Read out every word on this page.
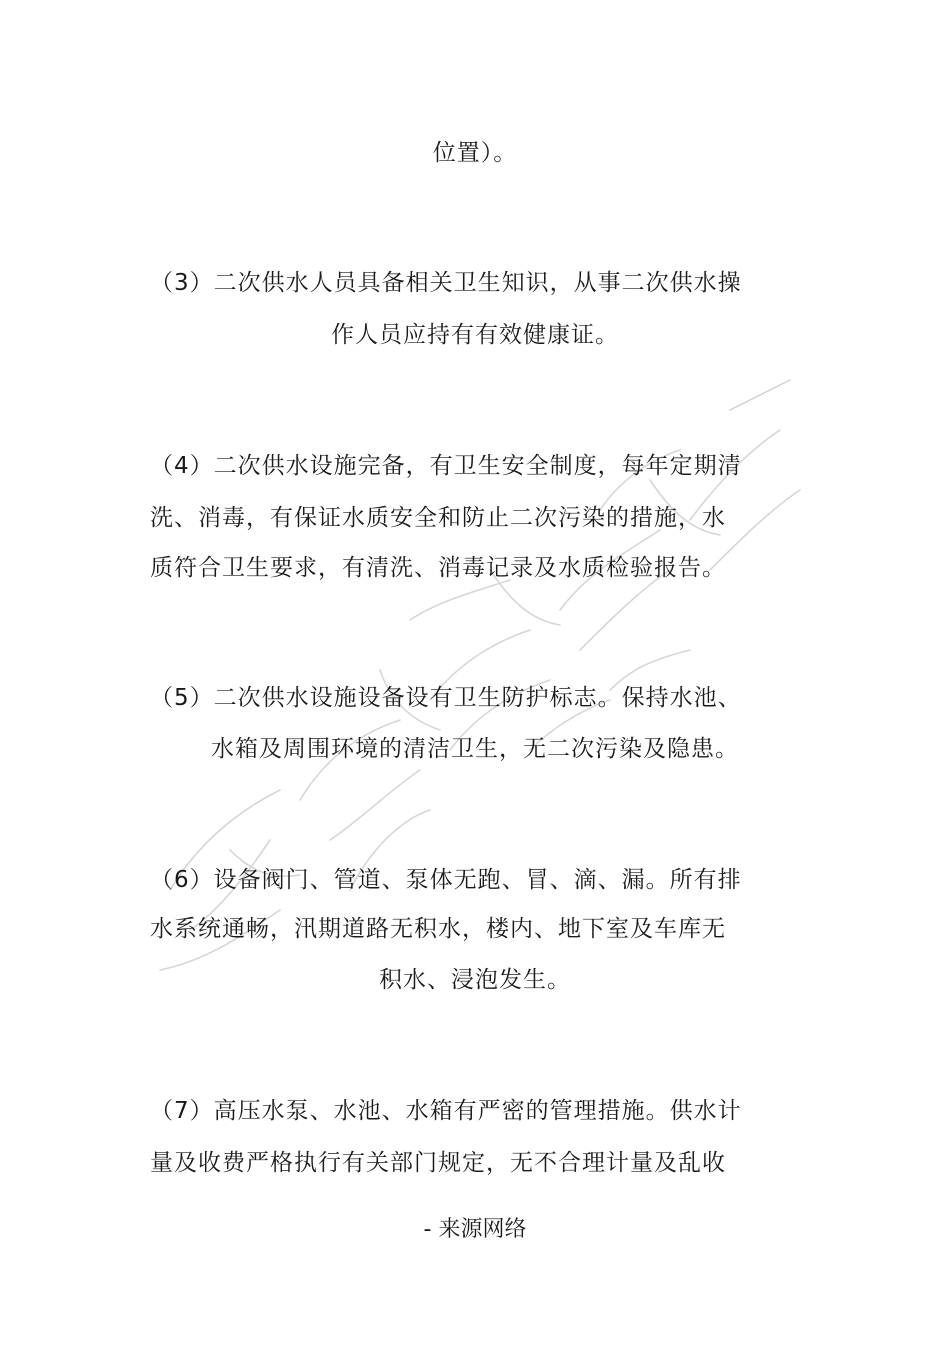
位置）。
（3）二次供水人员具备相关卫生知识，从事二次供水操
作人员应持有有效健康证。
（4）二次供水设施完备，有卫生安全制度，每年定期清
洗、消毒，有保证水质安全和防止二次污染的措施，水
质符合卫生要求，有清洗、消毒记录及水质检验报告。
（5）二次供水设施设备设有卫生防护标志。保持水池、
水箱及周围环境的清洁卫生，无二次污染及隐患。
（6）设备阀门、管道、泵体无跑、冒、滴、漏。所有排
水系统通畅，汛期道路无积水，楼内、地下室及车库无
积水、浸泡发生。
（7）高压水泵、水池、水箱有严密的管理措施。供水计
量及收费严格执行有关部门规定，无不合理计量及乱收
- 来源网络
